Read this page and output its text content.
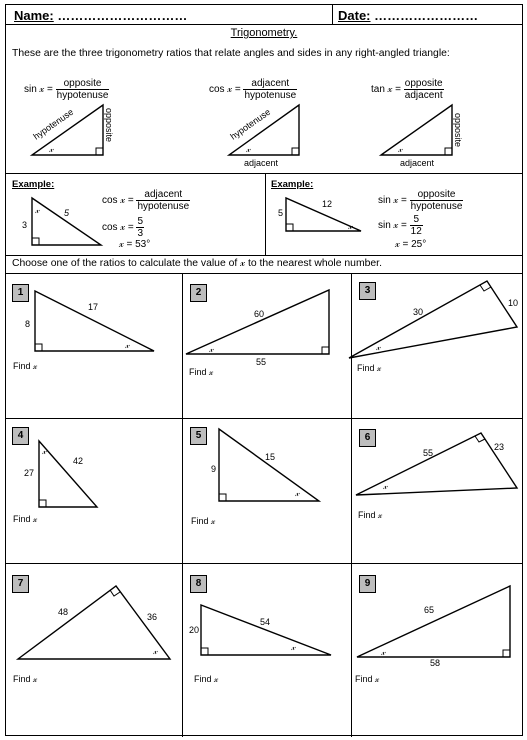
Name: …………………………	Date: ……………………
Trigonometry.
These are the three trigonometry ratios that relate angles and sides in any right-angled triangle:
sin 𝓍 = $\frac{\text{opposite}}{\text{hypotenuse}}$	cos 𝓍 = $\frac{\text{adjacent}}{\text{hypotenuse}}$	tan 𝓍 = $\frac{\text{opposite}}{\text{adjacent}}$
𝓍
hypotenuse	opposite
𝓍
hypotenuse
adjacent
𝓍
opposite
adjacent
Example:	Example:
𝓍
3
5
𝓍
5
12
cos 𝓍 = $\frac{\text{adjacent}}{\text{hypotenuse}}$
cos 𝓍 = $\frac{5}{3}$
𝓍 = 53°
sin 𝓍 = $\frac{\text{opposite}}{\text{hypotenuse}}$
sin 𝓍 = $\frac{5}{12}$
𝓍 = 25°
Choose one of the ratios to calculate the value of 𝓍 to the nearest whole number.
1	2	3
4	5	6
7	8	9
𝓍
8
17
𝓍
60
55
𝓍
30
10
𝓍
27
42
𝓍
9
15
𝓍
55
23
𝓍
48	36
𝓍
20
54
𝓍
65
58
Find 𝓍
Find 𝓍	Find 𝓍
Find 𝓍	Find 𝓍
Find 𝓍
Find 𝓍	Find 𝓍	Find 𝓍
